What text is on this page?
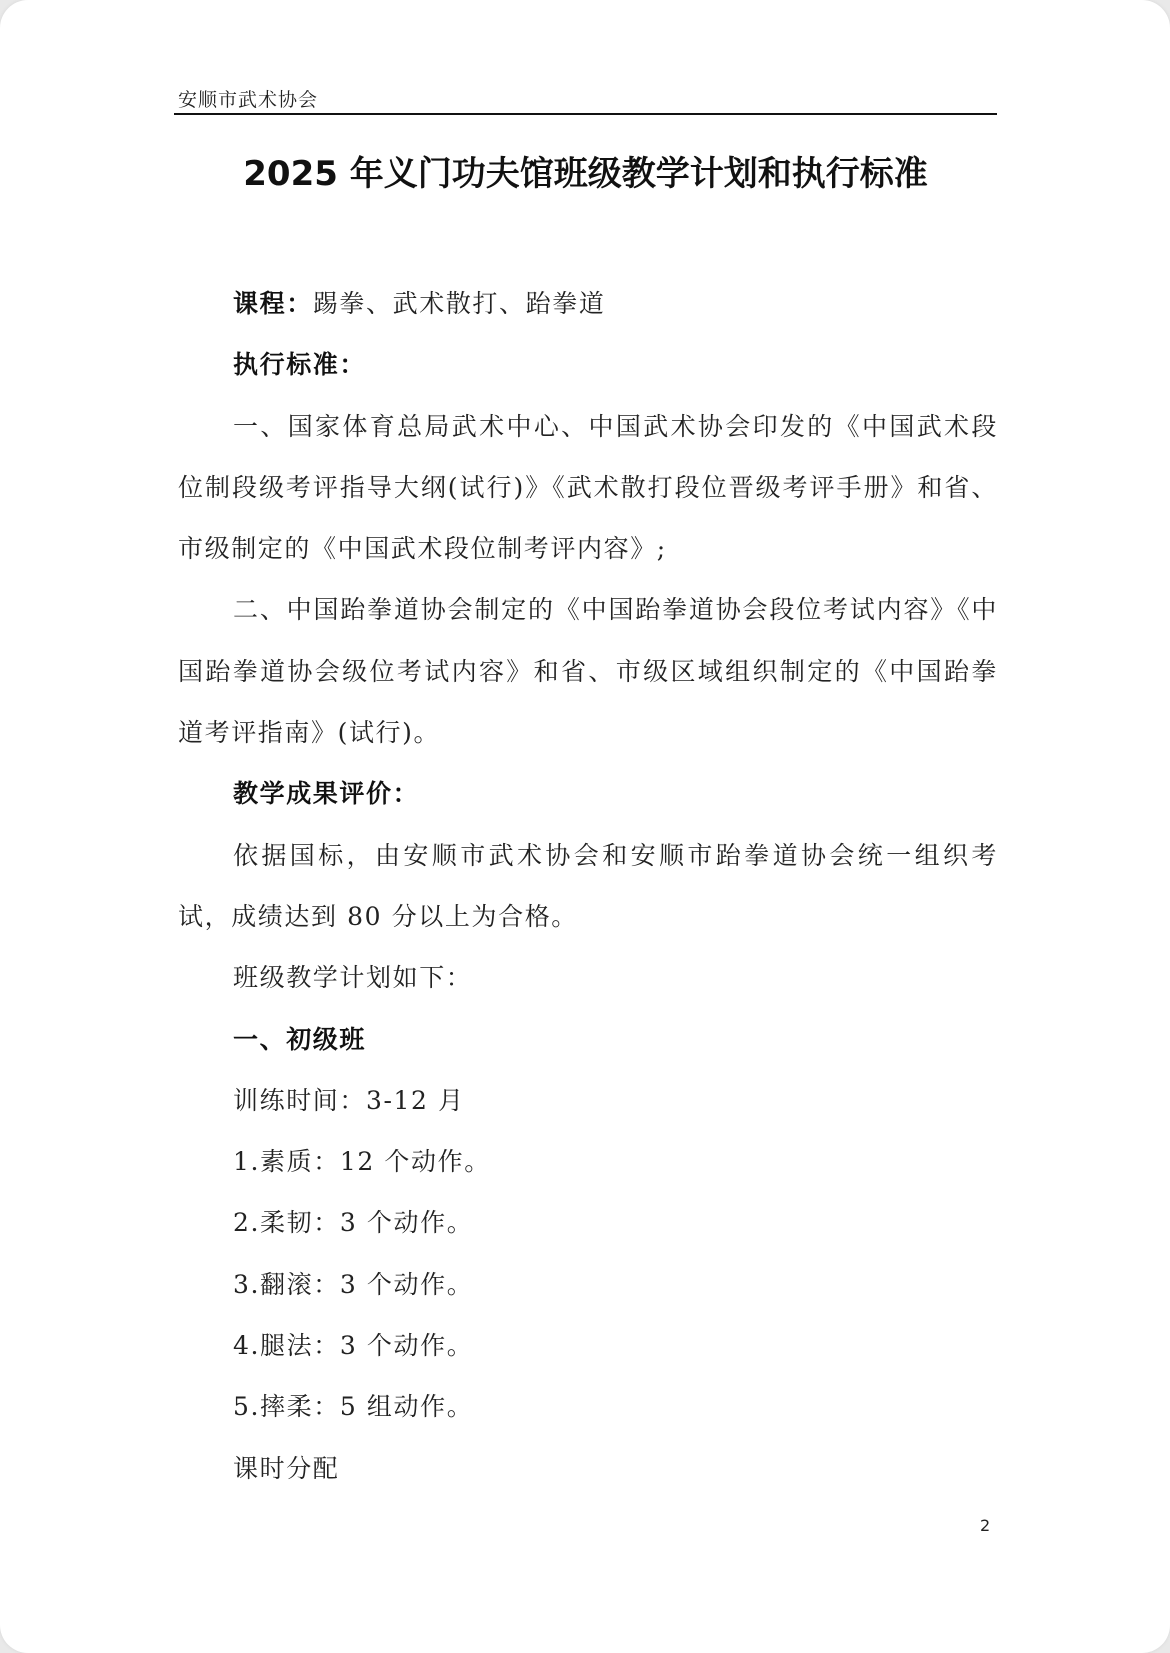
安顺市武术协会
2025 年义门功夫馆班级教学计划和执行标准

课程：踢拳、武术散打、跆拳道

执行标准：

一、国家体育总局武术中心、中国武术协会印发的《中国武术段位制段级考评指导大纲(试行)》《武术散打段位晋级考评手册》和省、市级制定的《中国武术段位制考评内容》;

二、中国跆拳道协会制定的《中国跆拳道协会段位考试内容》《中国跆拳道协会级位考试内容》和省、市级区域组织制定的《中国跆拳道考评指南》(试行)。

教学成果评价：

依据国标，由安顺市武术协会和安顺市跆拳道协会统一组织考试，成绩达到 80 分以上为合格。

班级教学计划如下：

一、初级班

训练时间：3-12 月

1.素质：12 个动作。

2.柔韧：3 个动作。

3.翻滚：3 个动作。

4.腿法：3 个动作。

5.摔柔：5 组动作。

课时分配

2
